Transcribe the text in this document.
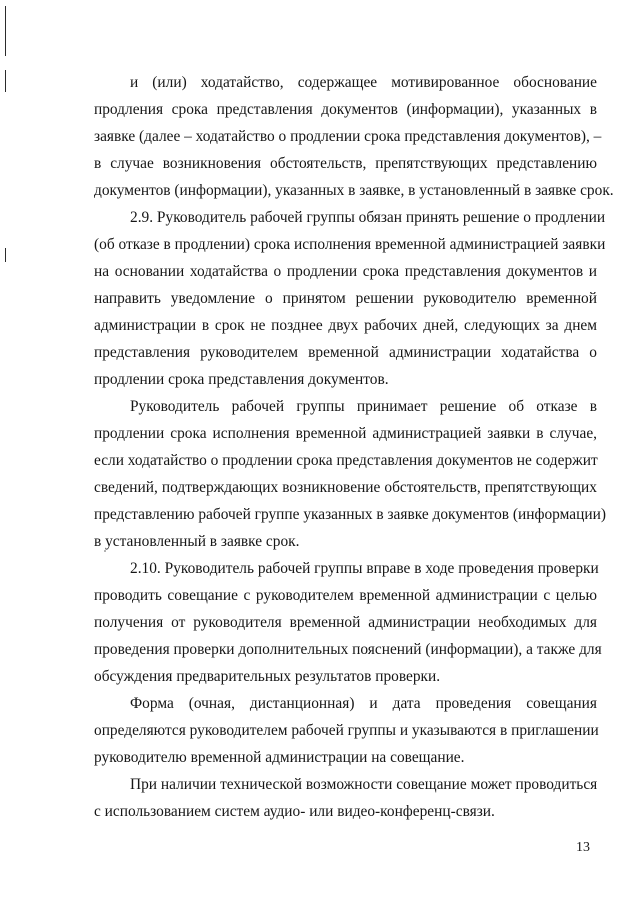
и (или) ходатайство, содержащее мотивированное обоснование
продления срока представления документов (информации), указанных в
заявке (далее – ходатайство о продлении срока представления документов), –
в случае возникновения обстоятельств, препятствующих представлению
документов (информации), указанных в заявке, в установленный в заявке срок.

2.9. Руководитель рабочей группы обязан принять решение о продлении
(об отказе в продлении) срока исполнения временной администрацией заявки
на основании ходатайства о продлении срока представления документов и
направить уведомление о принятом решении руководителю временной
администрации в срок не позднее двух рабочих дней, следующих за днем
представления руководителем временной администрации ходатайства о
продлении срока представления документов.

Руководитель рабочей группы принимает решение об отказе в
продлении срока исполнения временной администрацией заявки в случае,
если ходатайство о продлении срока представления документов не содержит
сведений, подтверждающих возникновение обстоятельств, препятствующих
представлению рабочей группе указанных в заявке документов (информации)
в установленный в заявке срок.

2.10. Руководитель рабочей группы вправе в ходе проведения проверки
проводить совещание с руководителем временной администрации с целью
получения от руководителя временной администрации необходимых для
проведения проверки дополнительных пояснений (информации), а также для
обсуждения предварительных результатов проверки.

Форма (очная, дистанционная) и дата проведения совещания
определяются руководителем рабочей группы и указываются в приглашении
руководителю временной администрации на совещание.

При наличии технической возможности совещание может проводиться
с использованием систем аудио- или видео-конференц-связи.

13
